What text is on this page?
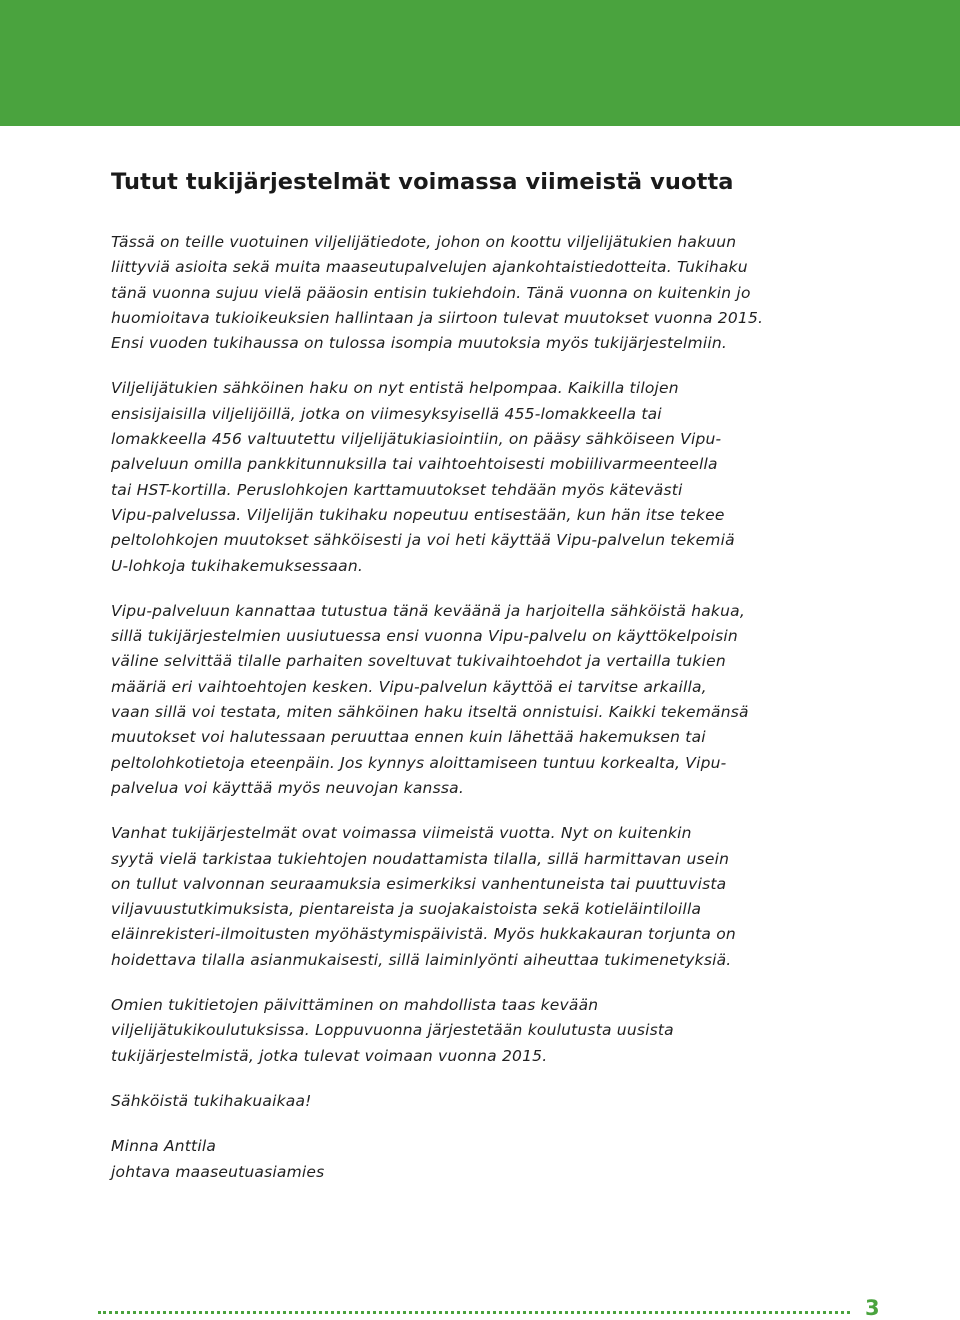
Tutut tukijärjestelmät voimassa viimeistä vuotta
Tässä on teille vuotuinen viljelijätiedote, johon on koottu viljelijätukien hakuun
liittyviä asioita sekä muita maaseutupalvelujen ajankohtaistiedotteita. Tukihaku
tänä vuonna sujuu vielä pääosin entisin tukiehdoin. Tänä vuonna on kuitenkin jo
huomioitava tukioikeuksien hallintaan ja siirtoon tulevat muutokset vuonna 2015.
Ensi vuoden tukihaussa on tulossa isompia muutoksia myös tukijärjestelmiin.
Viljelijätukien sähköinen haku on nyt entistä helpompaa. Kaikilla tilojen
ensisijaisilla viljelijöillä, jotka on viimesyksyisellä 455-lomakkeella tai
lomakkeella 456 valtuutettu viljelijätukiasiointiin, on pääsy sähköiseen Vipu-
palveluun omilla pankkitunnuksilla tai vaihtoehtoisesti mobiilivarmeenteella
tai HST-kortilla. Peruslohkojen karttamuutokset tehdään myös kätevästi
Vipu-palvelussa. Viljelijän tukihaku nopeutuu entisestään, kun hän itse tekee
peltolohkojen muutokset sähköisesti ja voi heti käyttää Vipu-palvelun tekemiä
U-lohkoja tukihakemuksessaan.
Vipu-palveluun kannattaa tutustua tänä keväänä ja harjoitella sähköistä hakua,
sillä tukijärjestelmien uusiutuessa ensi vuonna Vipu-palvelu on käyttökelpoisin
väline selvittää tilalle parhaiten soveltuvat tukivaihtoehdot ja vertailla tukien
määriä eri vaihtoehtojen kesken. Vipu-palvelun käyttöä ei tarvitse arkailla,
vaan sillä voi testata, miten sähköinen haku itseltä onnistuisi. Kaikki tekemänsä
muutokset voi halutessaan peruuttaa ennen kuin lähettää hakemuksen tai
peltolohkotietoja eteenpäin. Jos kynnys aloittamiseen tuntuu korkealta, Vipu-
palvelua voi käyttää myös neuvojan kanssa.
Vanhat tukijärjestelmät ovat voimassa viimeistä vuotta. Nyt on kuitenkin
syytä vielä tarkistaa tukiehtojen noudattamista tilalla, sillä harmittavan usein
on tullut valvonnan seuraamuksia esimerkiksi vanhentuneista tai puuttuvista
viljavuustutkimuksista, pientareista ja suojakaistoista sekä kotieläintiloilla
eläinrekisteri-ilmoitusten myöhästymispäivistä. Myös hukkakauran torjunta on
hoidettava tilalla asianmukaisesti, sillä laiminlyönti aiheuttaa tukimenetyksiä.
Omien tukitietojen päivittäminen on mahdollista taas kevään
viljelijätukikoulutuksissa. Loppuvuonna järjestetään koulutusta uusista
tukijärjestelmistä, jotka tulevat voimaan vuonna 2015.
Sähköistä tukihakuaikaa!
Minna Anttila
johtava maaseutuasiamies
3
